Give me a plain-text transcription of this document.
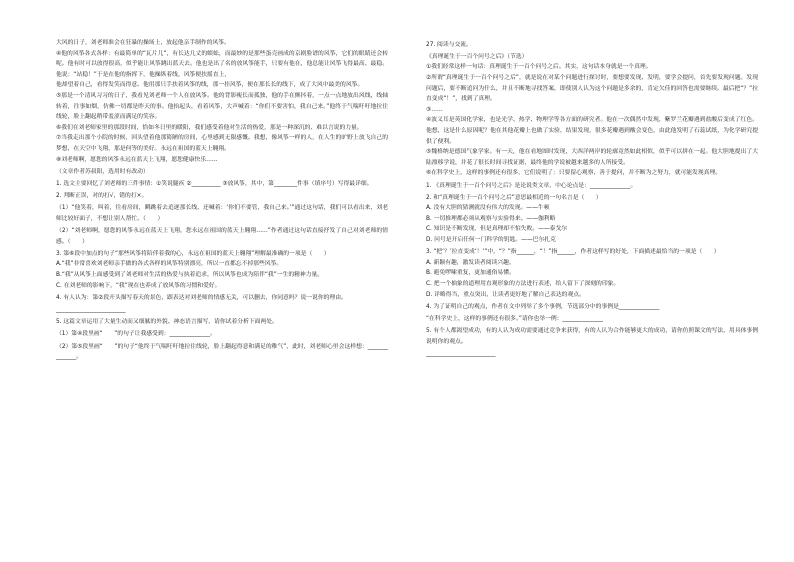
大风的日子，刘老师准会在狂暴的操场上，放起他亲手制作的风筝。

④他的风筝各式各样：有最简单的“瓦片儿”，有长达几丈的蜈蚣，而最妙的是那些蛋壳画成的京剧脸谱的风筝，它们的眼睛还会转呢。他有时可以放得很高，似乎能让风筝跳出蓝天去。他也是出了名的放风筝能手，只要有他在，他总能让风筝飞得最高、最稳。他说：“站稳！”于是在他的指挥下，他操纵着线，风筝便扶摇直上，

他却望着自己，看得发笑而得意。他用那只手扶着风筝的线，那一挂风筝，便在那长长的线下，成了大风中最美的风筝。

⑤那是一个清风习习的日子，我看见刘老师一个人在放风筝。他的背影瘦长而孤独，他的手在颤抖着，一点一点地放出风线，线轴转着，往事如烟，仿佛一切都是昨天的事。他抬起头，看着风筝，大声喊着：“你们不要害怕，我自己来。”他终于气喘吁吁地拉住线轮，脸上翻起稍带羞涩而满足的笑容。

⑥我们在刘老师家里的那段时间，恰如冬日里的暖阳，我们感受着他对生活的热爱，那是一种深沉的、难以言说的力量。

⑦当我走出那个小院的时候，回头望着他那简陋的房间，心里感到无限感慨。我想，像风筝一样的人，在人生的旷野上放飞自己的梦想，在天空中飞翔，那是何等的美好。永远在祖国的蓝天上翱翔。

⑧刘老师啊，愿您的风筝永远在蓝天上飞翔，愿您健康快乐……

（文章作者苏叔阳，选用时有改动）

1. 选文主要回忆了刘老师的三件事情：①笑说腿疾 ②__________ ③放风筝，其中，第________件事（填序号）写得最详细。

2. 判断正误，对的打√，错的打×。

（1）“他笑着，叫着，往看房间，瞬跳着去追逐那长线，还喊着：‘你们不要管，我自己来。’”通过这句话，我们可以看出来，刘老师比较好面子，不想让别人帮忙。（　　）

（2）“刘老师啊，愿您的风筝永远在蓝天上飞翔，您永远在祖国的蓝天上翱翔……”作者通过这句话直接抒发了自己对刘老师的情感。（　　）

3. 第⑥段中加点的句子“那些风筝将陪伴着我的心，永远在祖国的蓝天上翱翔”理解最准确的一项是（　　）

A.“我”非常喜欢刘老师亲手做的各式各样的风筝特别漂亮，所以一直都忘不掉那些风筝。

B.“我”从风筝上面感受到了刘老师对生活的热爱与执着追求，所以风筝也成为陪伴“我”一生的精神力量。

C. 在刘老师的影响下，“我”现在也养成了放风筝的习惯和爱好。

4. 有人认为：第②段开头描写春天的景色，跟表达对刘老师的情感无关，可以删去，你同意吗？说一说你的理由。

________________________

5. 这篇文章运用了大量生动而又细腻的外貌、神态语言描写，请你试着分析下面两处。

（1）第④段里画“　　”的句子让我感受到：______________。

（2）第⑤段里画“　　”的句子“他终于气喘吁吁地拉住线轮，脸上翻起得意和满足的稚气”，此时，刘老师心里会这样想：______________。

27. 阅读与交流。

《真理诞生于一百个问号之后》（节选）

①我们经常这样一句话：真理诞生于一百个问号之后。其实，这句话本身就是一个真理。

②所谓“真理诞生于一百个问号之后”，就是说在对某个问题进行探讨时，要想要发现、发明，要学会提问，首先要发现问题。发现问题后，要不断追问为什么，并且不断地寻找答案，即使别人认为这个问题是多余的，肯定欠佳的回答也需要继续。最后把“？”拉直变成“！”，找到了真理。

③……

④波义耳是英国化学家，也是光学、热学、物理学等各方面的研究者。他在一次偶然中发现，紫罗兰花瓣遇到盐酸后变成了红色。他想，这是什么原因呢？他在其他花瓣上也做了实验，结果发现，很多花瓣遇到酸会变色，由此他发明了石蕊试纸，为化学研究提供了便利。

⑤魏格纳是德国气象学家。有一天，他在看地图时发现，大西洋两岸的轮廓竟然如此相似，似乎可以拼在一起。他大胆地提出了大陆漂移学说，并花了很长时间寻找证据，最终他的学说被越来越多的人所接受。

⑥在科学史上，这样的事例还有很多，它们说明了：只要留心观察，善于提问，并不断为之努力，就可能发现真理。

1. 《真理诞生于一百个问号之后》是论说类文章，中心论点是：______________。

2. 和“真理诞生于一百个问号之后”意思最相近的一句名言是（　　）

A. 没有大胆的猜测就没有伟大的发现。——牛顿

B. 一切推理都必须从观察与实验得来。——伽利略

C. 知识是不断发现，但是真理却不怕失败。——泰戈尔

D. 问号是开启任何一门科学的钥匙。——巴尔扎克

3. “把‘？’拉直变成‘！’”中，“？”指______，“！”指______，作者这样写的好处，下面描述最恰当的一项是（　　）

A. 新颖有趣，激发读者阅读兴趣。

B. 避免啰嗦重复，更加通俗易懂。

C. 把一个抽象的道理用直观形象的方法进行表述，给人留下了深刻的印象。

D. 详略得当，重点突出，让读者更好地了解自己表达的观点。

4. 为了证明自己的观点，作者在文中列举了多个事例，节选部分中的事例是______________

“在科学史上，这样的事例还有很多。”请你也举一例：______________

5. 有个人都渴望成功，有的人认为成功需要通过竞争来获得，有的人认为合作能够更大的成功，请你仿照课文的写法，用具体事例说明你的观点。

________________________
